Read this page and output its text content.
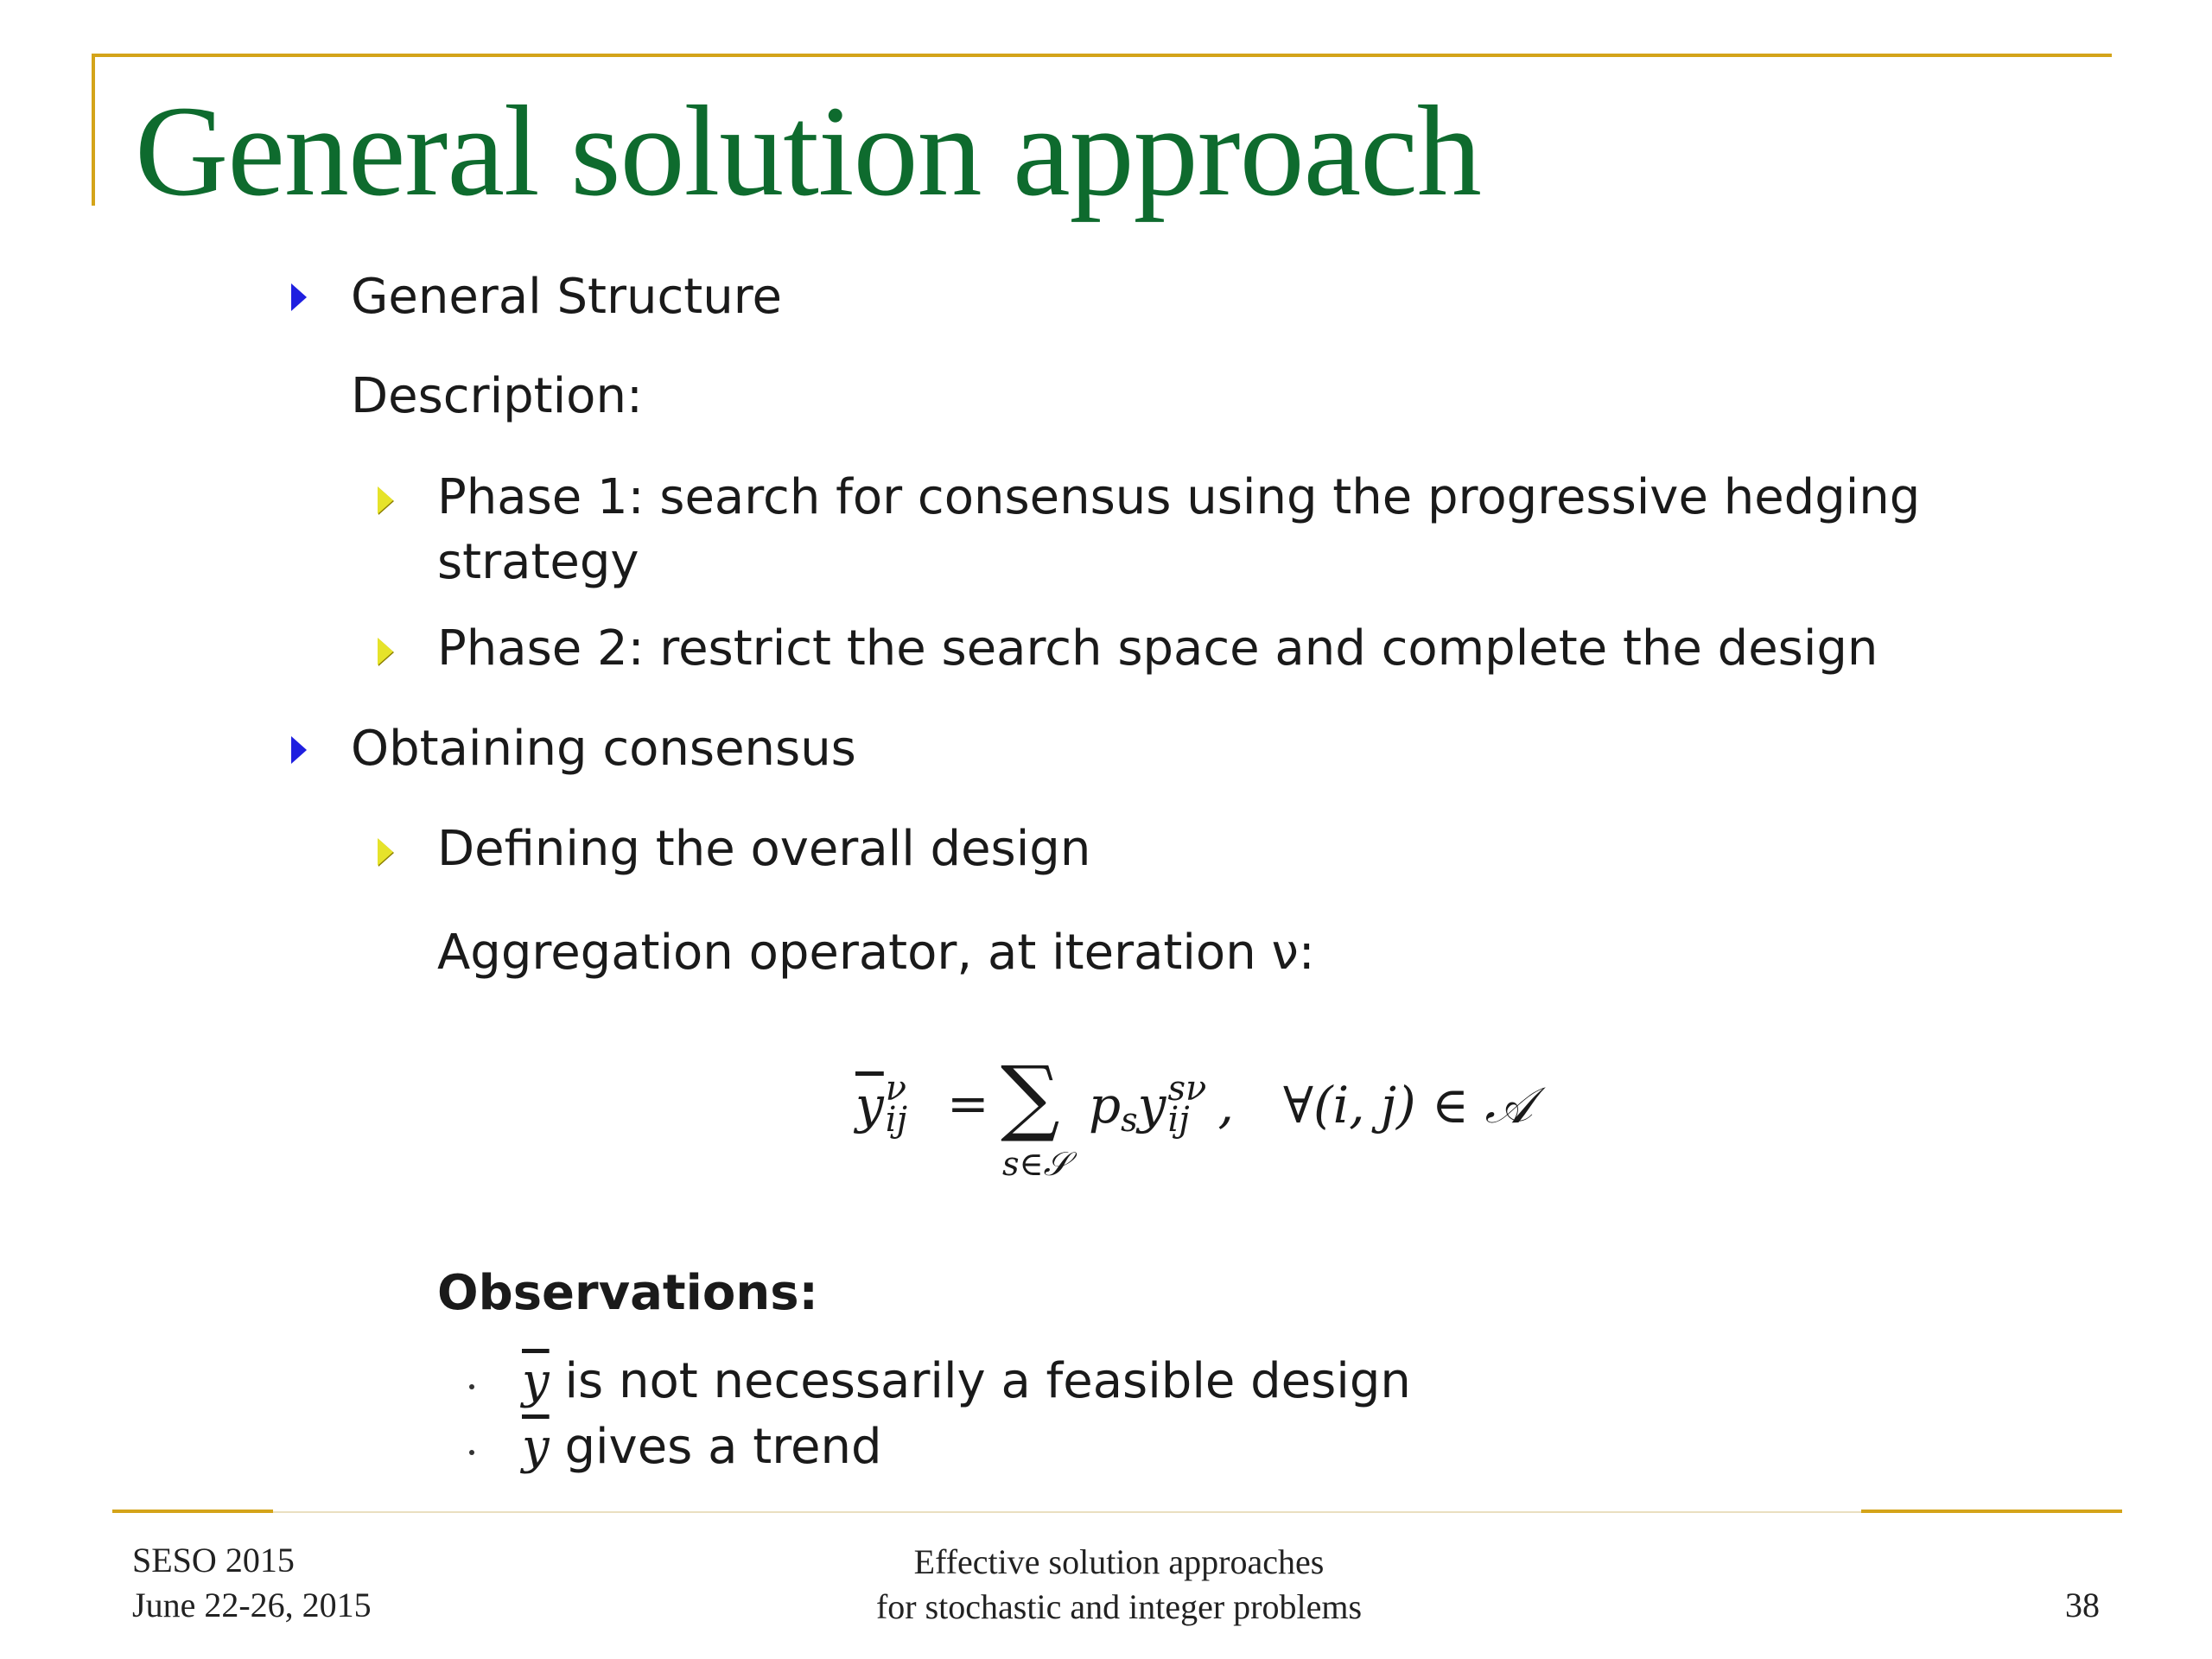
General solution approach

General Structure

Description:

Phase 1: search for consensus using the progressive hedging

strategy

Phase 2: restrict the search space and complete the design

Obtaining consensus

Defining the overall design

Aggregation operator, at iteration ν:

$\overline{y}$ ν
ij = ∑
s∈𝒮
psy sν
ij , ∀(i, j) ∈ 𝒜

Observations:

$\overline{y}$ is not necessarily a feasible design

$\overline{y}$ gives a trend

SESO 2015
June 22-26, 2015
Effective solution approaches
for stochastic and integer problems	38
